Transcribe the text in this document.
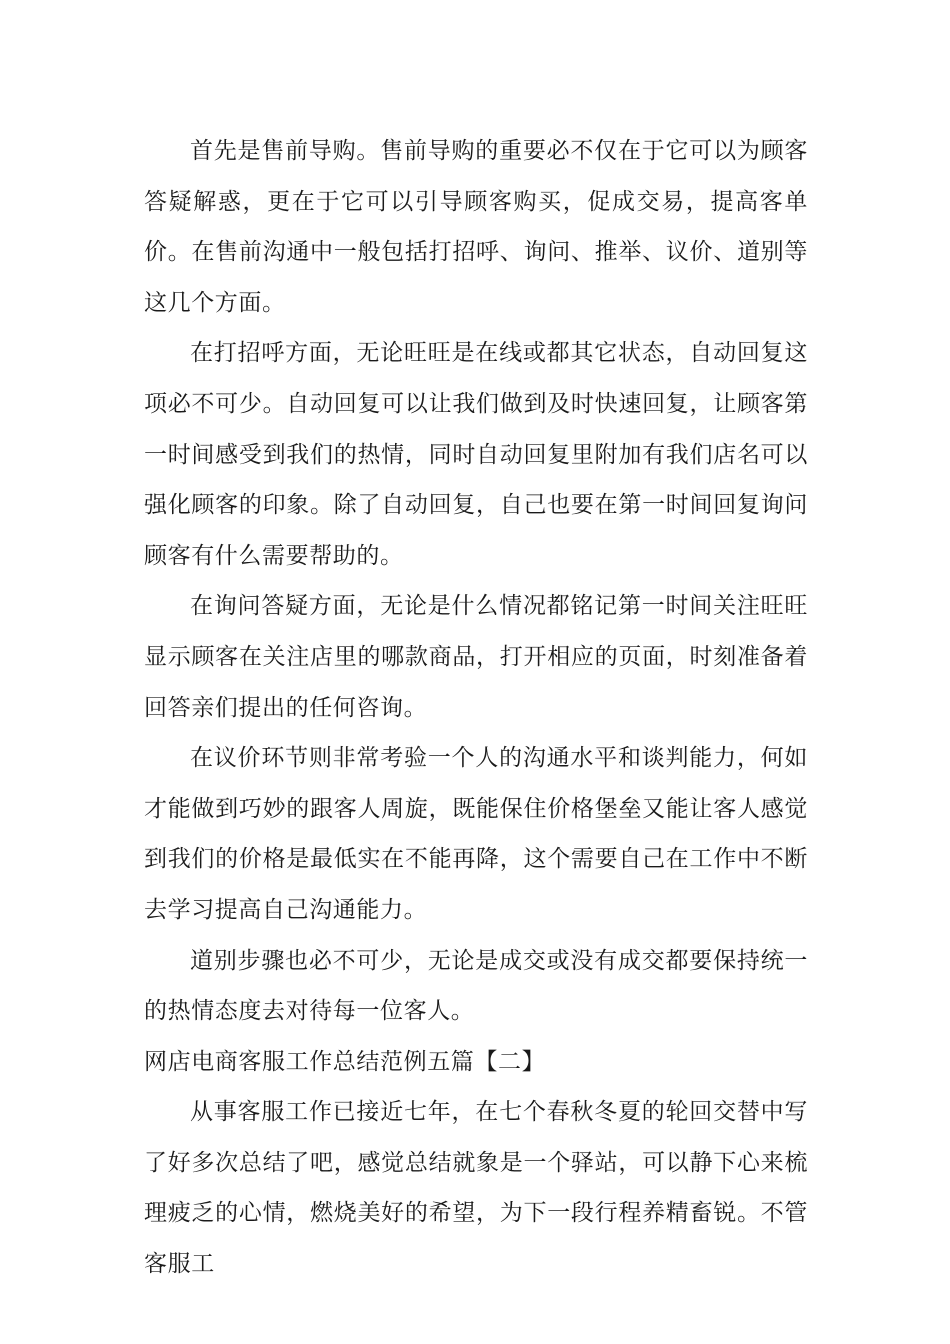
首先是售前导购。售前导购的重要必不仅在于它可以为顾客答疑解惑，更在于它可以引导顾客购买，促成交易，提高客单价。在售前沟通中一般包括打招呼、询问、推举、议价、道别等这几个方面。

在打招呼方面，无论旺旺是在线或都其它状态，自动回复这项必不可少。自动回复可以让我们做到及时快速回复，让顾客第一时间感受到我们的热情，同时自动回复里附加有我们店名可以强化顾客的印象。除了自动回复，自己也要在第一时间回复询问顾客有什么需要帮助的。

在询问答疑方面，无论是什么情况都铭记第一时间关注旺旺显示顾客在关注店里的哪款商品，打开相应的页面，时刻准备着回答亲们提出的任何咨询。

在议价环节则非常考验一个人的沟通水平和谈判能力，何如才能做到巧妙的跟客人周旋，既能保住价格堡垒又能让客人感觉到我们的价格是最低实在不能再降，这个需要自己在工作中不断去学习提高自己沟通能力。

道别步骤也必不可少，无论是成交或没有成交都要保持统一的热情态度去对待每一位客人。

网店电商客服工作总结范例五篇【二】

从事客服工作已接近七年，在七个春秋冬夏的轮回交替中写了好多次总结了吧，感觉总结就象是一个驿站，可以静下心来梳理疲乏的心情，燃烧美好的希望，为下一段行程养精畜锐。不管客服工
